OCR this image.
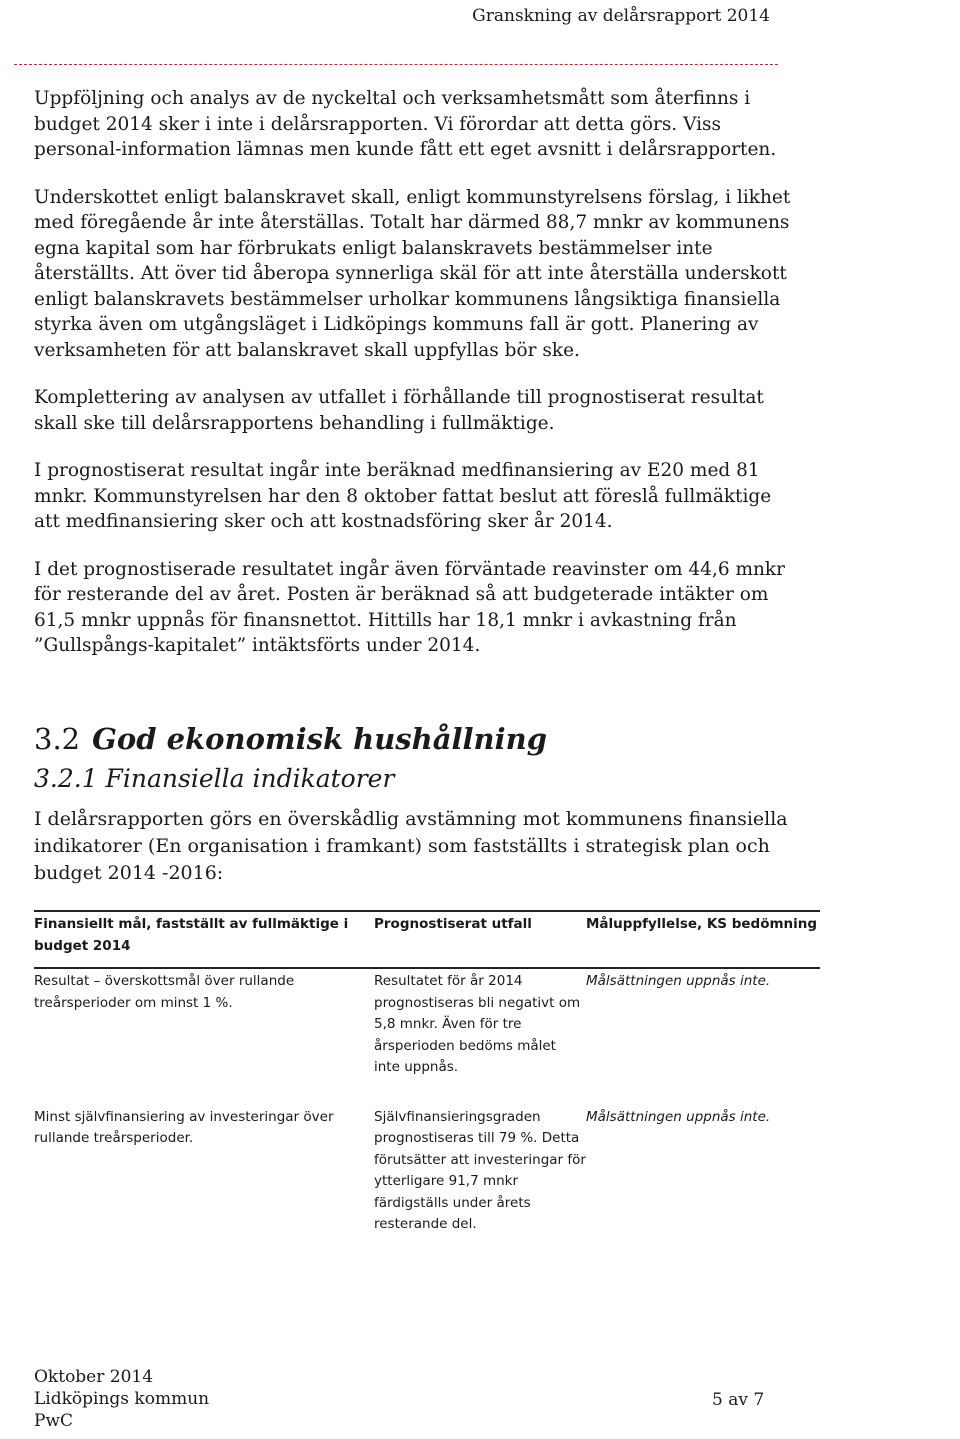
Granskning av delårsrapport 2014

Uppföljning och analys av de nyckeltal och verksamhetsmått som återfinns i budget 2014 sker i inte i delårsrapporten. Vi förordar att detta görs. Viss personal-information lämnas men kunde fått ett eget avsnitt i delårsrapporten.

Underskottet enligt balanskravet skall, enligt kommunstyrelsens förslag, i likhet med föregående år inte återställas. Totalt har därmed 88,7 mnkr av kommunens egna kapital som har förbrukats enligt balanskravets bestämmelser inte återställts. Att över tid åberopa synnerliga skäl för att inte återställa underskott enligt balanskravets bestämmelser urholkar kommunens långsiktiga finansiella styrka även om utgångsläget i Lidköpings kommuns fall är gott. Planering av verksamheten för att balanskravet skall uppfyllas bör ske.

Komplettering av analysen av utfallet i förhållande till prognostiserat resultat skall ske till delårsrapportens behandling i fullmäktige.

I prognostiserat resultat ingår inte beräknad medfinansiering av E20 med 81 mnkr. Kommunstyrelsen har den 8 oktober fattat beslut att föreslå fullmäktige att medfinansiering sker och att kostnadsföring sker år 2014.

I det prognostiserade resultatet ingår även förväntade reavinster om 44,6 mnkr för resterande del av året. Posten är beräknad så att budgeterade intäkter om 61,5 mnkr uppnås för finansnettot. Hittills har 18,1 mnkr i avkastning från ”Gullspångs-kapitalet” intäktsförts under 2014.

3.2 God ekonomisk hushållning
3.2.1 Finansiella indikatorer

I delårsrapporten görs en överskådlig avstämning mot kommunens finansiella indikatorer (En organisation i framkant) som fastställts i strategisk plan och budget 2014 -2016:

Finansiellt mål, fastställt av fullmäktige i budget 2014	Prognostiserat utfall	Måluppfyllelse, KS bedömning
Resultat – överskottsmål över rullande treårsperioder om minst 1 %.	Resultatet för år 2014 prognostiseras bli negativt om 5,8 mnkr. Även för tre årsperioden bedöms målet inte uppnås.	Målsättningen uppnås inte.
Minst självfinansiering av investeringar över rullande treårsperioder.	Självfinansieringsgraden prognostiseras till 79 %. Detta förutsätter att investeringar för ytterligare 91,7 mnkr färdigställs under årets resterande del.	Målsättningen uppnås inte.
Oktober 2014
Lidköpings kommun
PwC
5 av 7
